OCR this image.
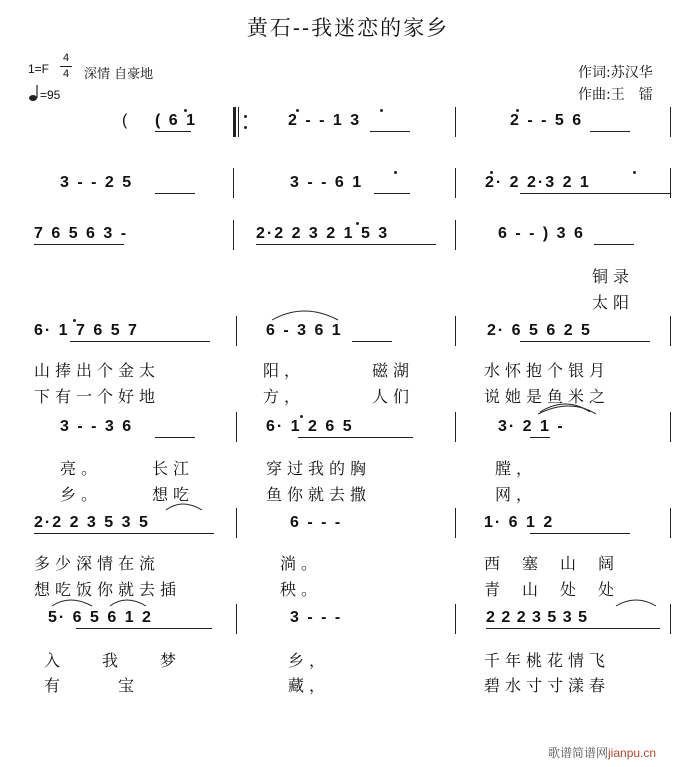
黄石--我迷恋的家乡
1=F
4
4 深情 自豪地
=95
作词:苏汉华
作曲:王　镭
( ( 6 1	2 - - 1 3	2 - - 5 6
3 - - 2 5	3 - - 6 1	2· 2 2·3 2 1
7 6 5 6 3 -	2·2 2 3 2 1 5 3	6 - - ) 3 6
铜录
太阳
6· 1 7 6 5 7	6 - 3 6 1	2· 6 5 6 2 5
山捧出个金太	阳，	磁湖	水怀抱个银月
下有一个好地	方，	人们	说她是鱼米之
3 - - 3 6	6· 1 2 6 5	3· 2 1 -
亮。	长江	穿过我的胸	膛，
乡。	想吃	鱼你就去撒	网，
2·2 2 3 5 3 5	6 - - -	1· 6 1 2
多少深情在流	淌。	西塞山阔
想吃饭你就去插	秧。	青山处处
5· 6 5 6 1 2	3 - - -	2 2 2 3 5 3 5
入 我 梦	乡，	千年桃花情飞
有	宝	藏，	碧水寸寸漾春
歌谱简谱网jianpu.cn
